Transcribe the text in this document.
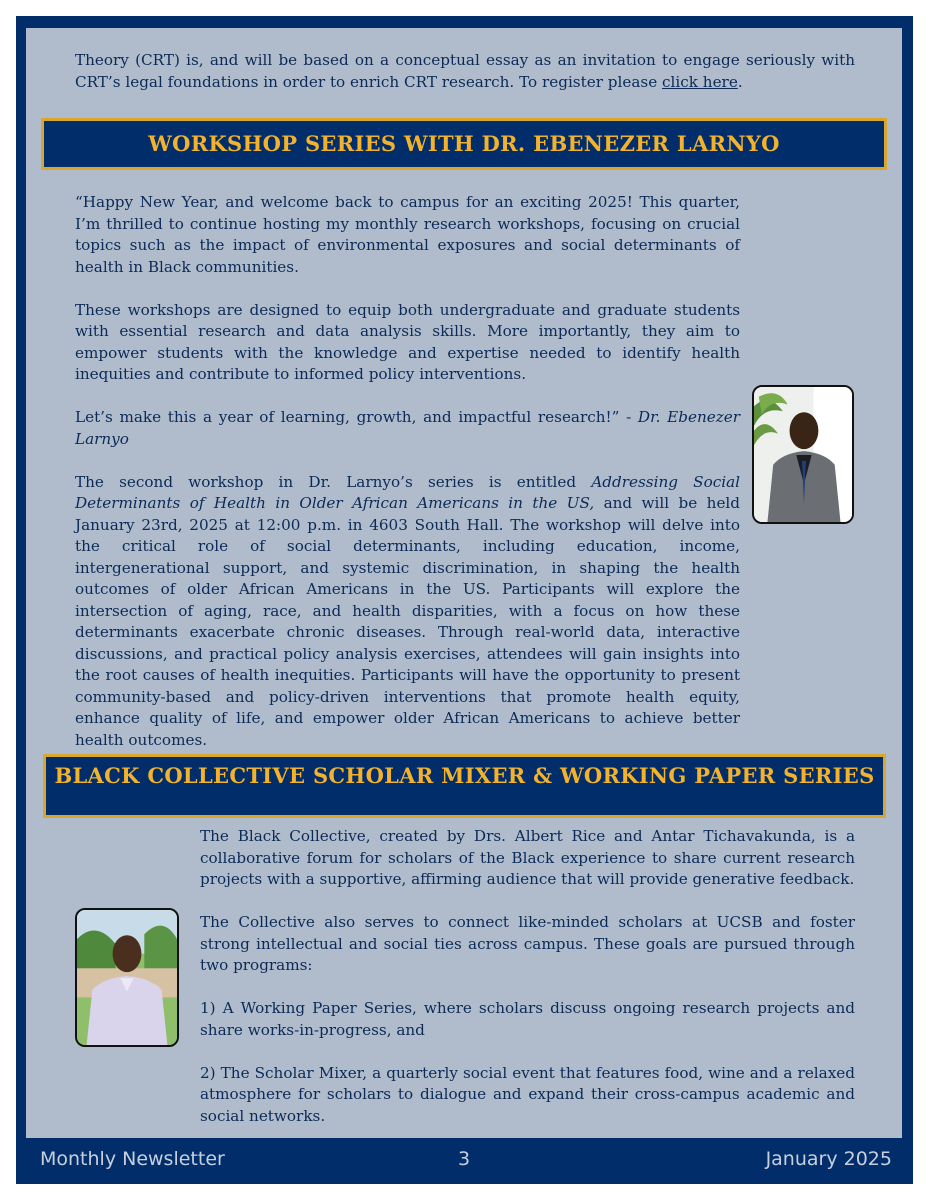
Theory (CRT) is, and will be based on a conceptual essay as an invitation to engage seriously with CRT’s legal foundations in order to enrich CRT research. To register please click here.
WORKSHOP SERIES WITH DR. EBENEZER LARNYO

“Happy New Year, and welcome back to campus for an exciting 2025! This quarter, I’m thrilled to continue hosting my monthly research workshops, focusing on crucial topics such as the impact of environmental exposures and social determinants of health in Black communities.

These workshops are designed to equip both undergraduate and graduate students with essential research and data analysis skills. More importantly, they aim to empower students with the knowledge and expertise needed to identify health inequities and contribute to informed policy interventions.

Let’s make this a year of learning, growth, and impactful research!” - Dr. Ebenezer Larnyo

The second workshop in Dr. Larnyo’s series is entitled Addressing Social Determinants of Health in Older African Americans in the US, and will be held January 23rd, 2025 at 12:00 p.m. in 4603 South Hall. The workshop will delve into the critical role of social determinants, including education, income, intergenerational support, and systemic discrimination, in shaping the health outcomes of older African Americans in the US. Participants will explore the intersection of aging, race, and health disparities, with a focus on how these determinants exacerbate chronic diseases. Through real-world data, interactive discussions, and practical policy analysis exercises, attendees will gain insights into the root causes of health inequities. Participants will have the opportunity to present community-based and policy-driven interventions that promote health equity, enhance quality of life, and empower older African Americans to achieve better health outcomes.

BLACK COLLECTIVE SCHOLAR MIXER & WORKING PAPER SERIES

The Black Collective, created by Drs. Albert Rice and Antar Tichavakunda, is a collaborative forum for scholars of the Black experience to share current research projects with a supportive, affirming audience that will provide generative feedback.

The Collective also serves to connect like-minded scholars at UCSB and foster strong intellectual and social ties across campus. These goals are pursued through two programs:

1) A Working Paper Series, where scholars discuss ongoing research projects and share works-in-progress, and

2) The Scholar Mixer, a quarterly social event that features food, wine and a relaxed atmosphere for scholars to dialogue and expand their cross-campus academic and social networks.

Monthly Newsletter	3	January 2025
